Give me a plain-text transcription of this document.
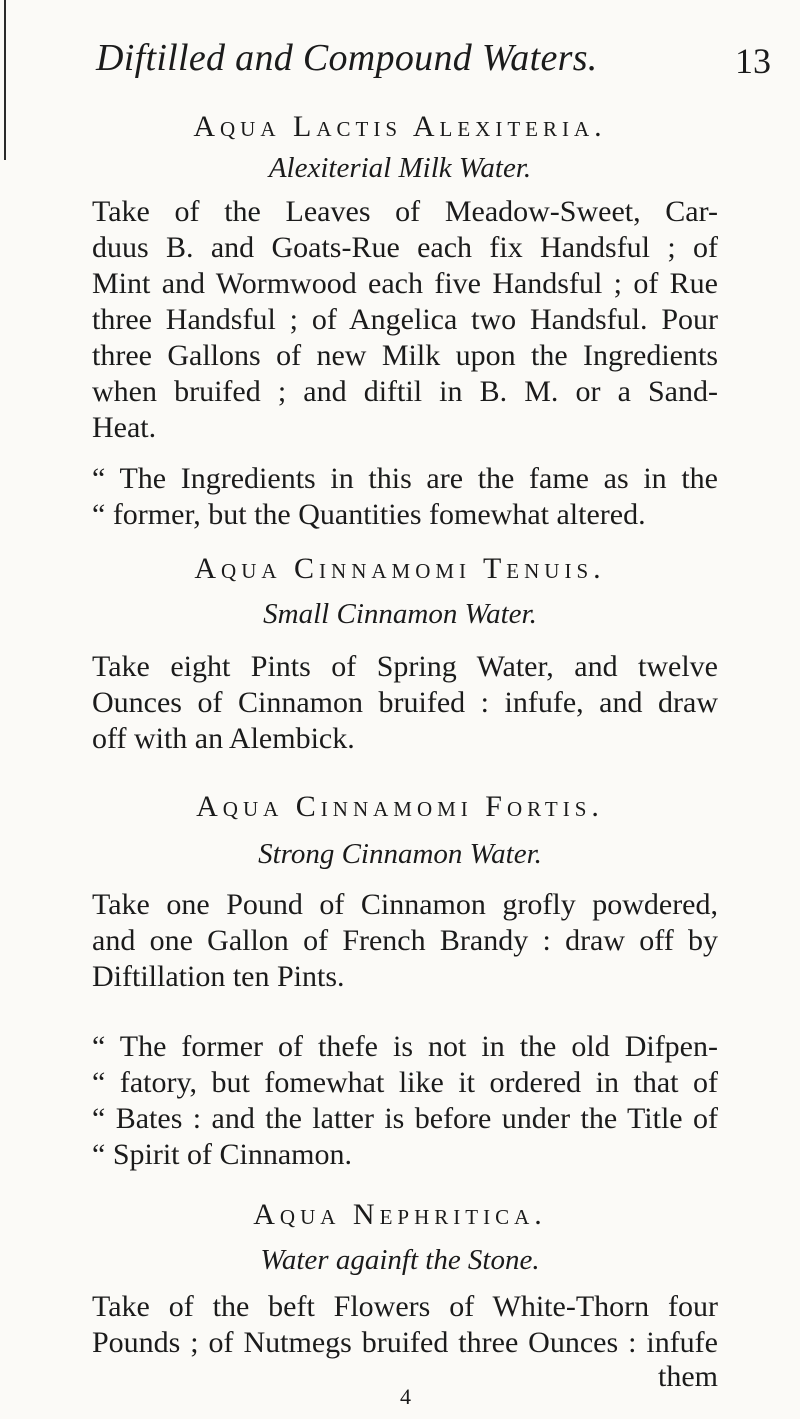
Diftilled and Compound Waters.	13
Aqua Lactis Alexiteria.
Alexiterial Milk Water.
Take of the Leaves of Meadow-Sweet, Car-
duus B. and Goats-Rue each fix Handsful ; of
Mint and Wormwood each five Handsful ; of Rue
three Handsful ; of Angelica two Handsful. Pour
three Gallons of new Milk upon the Ingredients
when bruifed ; and diftil in B. M. or a Sand-
Heat.
“ The Ingredients in this are the fame as in the
“ former, but the Quantities fomewhat altered.
Aqua Cinnamomi Tenuis.
Small Cinnamon Water.
Take eight Pints of Spring Water, and twelve
Ounces of Cinnamon bruifed : infufe, and draw
off with an Alembick.
Aqua Cinnamomi Fortis.
Strong Cinnamon Water.
Take one Pound of Cinnamon grofly powdered,
and one Gallon of French Brandy : draw off by
Diftillation ten Pints.
“ The former of thefe is not in the old Difpen-
“ fatory, but fomewhat like it ordered in that of
“ Bates : and the latter is before under the Title of
“ Spirit of Cinnamon.
Aqua Nephritica.
Water againft the Stone.
Take of the beft Flowers of White-Thorn four
Pounds ; of Nutmegs bruifed three Ounces : infufe
them
4
